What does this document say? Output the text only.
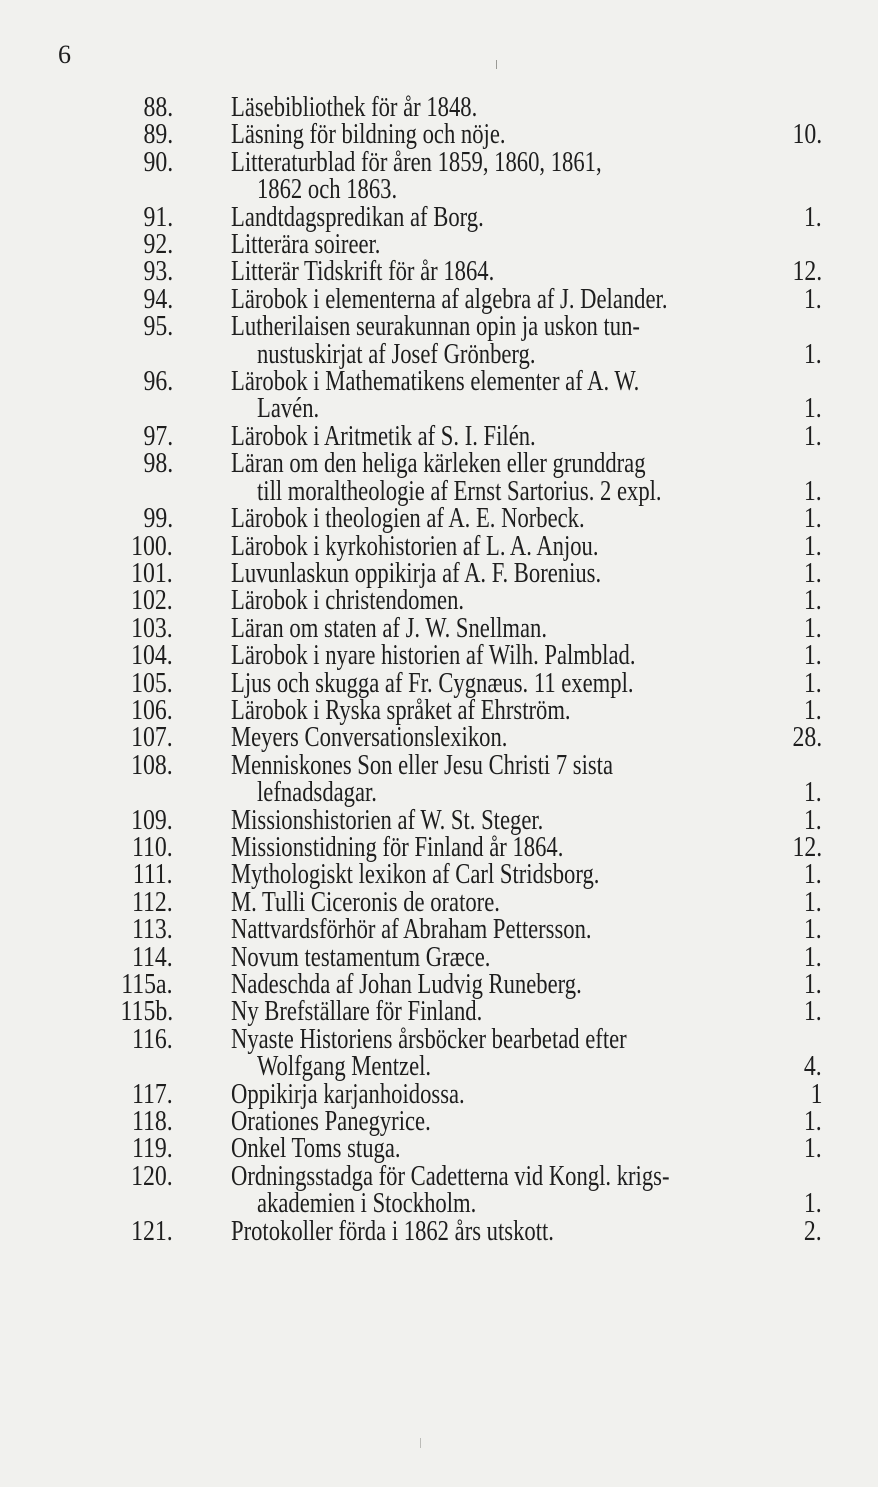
6
88.	Läsebibliothek för år 1848.
89.	Läsning för bildning och nöje.	10.
90.	Litteraturblad för åren 1859, 1860, 1861,
1862 och 1863.
91.	Landtdagspredikan af Borg.	1.
92.	Litterära soireer.
93.	Litterär Tidskrift för år 1864.	12.
94.	Lärobok i elementerna af algebra af J. Delander.	1.
95.	Lutherilaisen seurakunnan opin ja uskon tun-
nustuskirjat af Josef Grönberg.	1.
96.	Lärobok i Mathematikens elementer af A. W.
Lavén.	1.
97.	Lärobok i Aritmetik af S. I. Filén.	1.
98.	Läran om den heliga kärleken eller grunddrag
till moraltheologie af Ernst Sartorius. 2 expl.	1.
99.	Lärobok i theologien af A. E. Norbeck.	1.
100.	Lärobok i kyrkohistorien af L. A. Anjou.	1.
101.	Luvunlaskun oppikirja af A. F. Borenius.	1.
102.	Lärobok i christendomen.	1.
103.	Läran om staten af J. W. Snellman.	1.
104.	Lärobok i nyare historien af Wilh. Palmblad.	1.
105.	Ljus och skugga af Fr. Cygnæus. 11 exempl.	1.
106.	Lärobok i Ryska språket af Ehrström.	1.
107.	Meyers Conversationslexikon.	28.
108.	Menniskones Son eller Jesu Christi 7 sista
lefnadsdagar.	1.
109.	Missionshistorien af W. St. Steger.	1.
110.	Missionstidning för Finland år 1864.	12.
111.	Mythologiskt lexikon af Carl Stridsborg.	1.
112.	M. Tulli Ciceronis de oratore.	1.
113.	Nattvardsförhör af Abraham Pettersson.	1.
114.	Novum testamentum Græce.	1.
115a.	Nadeschda af Johan Ludvig Runeberg.	1.
115b.	Ny Brefställare för Finland.	1.
116.	Nyaste Historiens årsböcker bearbetad efter
Wolfgang Mentzel.	4.
117.	Oppikirja karjanhoidossa.	1
118.	Orationes Panegyrice.	1.
119.	Onkel Toms stuga.	1.
120.	Ordningsstadga för Cadetterna vid Kongl. krigs-
akademien i Stockholm.	1.
121.	Protokoller förda i 1862 års utskott.	2.
